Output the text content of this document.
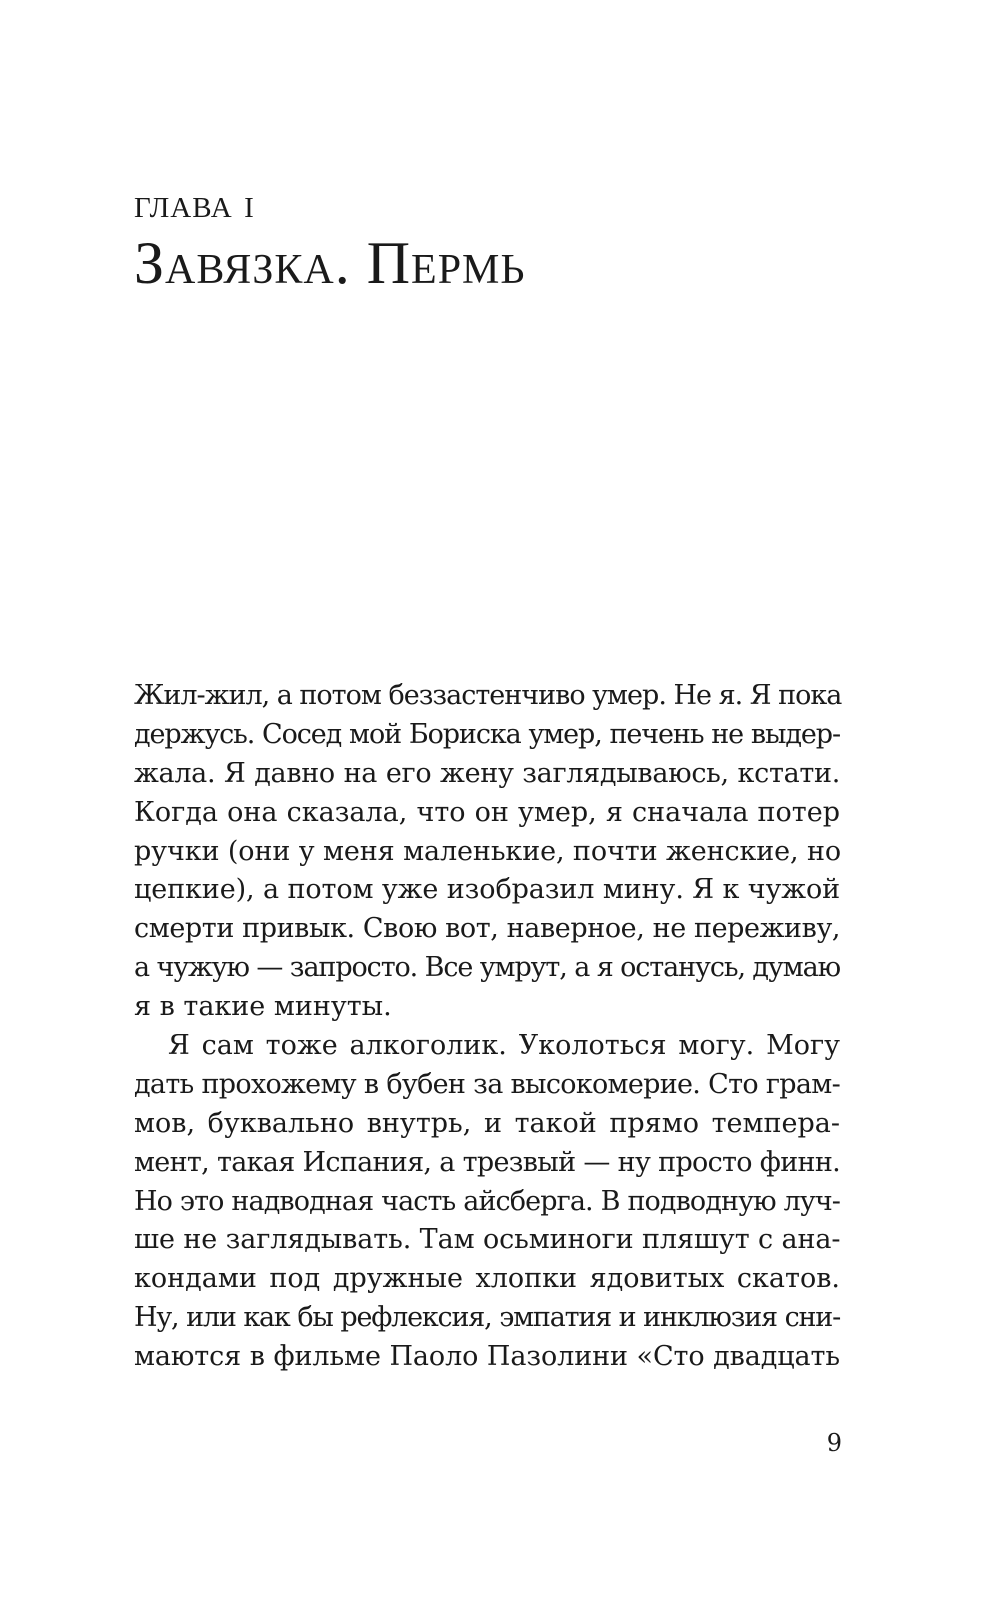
глава i
Завязка. Пермь
Жил-жил, а потом беззастенчиво умер. Не я. Я пока
держусь. Сосед мой Бориска умер, печень не выдер-
жала. Я давно на его жену заглядываюсь, кстати.
Когда она сказала, что он умер, я сначала потер
ручки (они у меня маленькие, почти женские, но
цепкие), а потом уже изобразил мину. Я к чужой
смерти привык. Свою вот, наверное, не переживу,
а чужую — запросто. Все умрут, а я останусь, думаю
я в такие минуты.
Я сам тоже алкоголик. Уколоться могу. Могу
дать прохожему в бубен за высокомерие. Сто грам-
мов, буквально внутрь, и такой прямо темпера-
мент, такая Испания, а трезвый — ну просто финн.
Но это надводная часть айсберга. В подводную луч-
ше не заглядывать. Там осьминоги пляшут с ана-
кондами под дружные хлопки ядовитых скатов.
Ну, или как бы рефлексия, эмпатия и инклюзия сни-
маются в фильме Паоло Пазолини «Сто двадцать
9
